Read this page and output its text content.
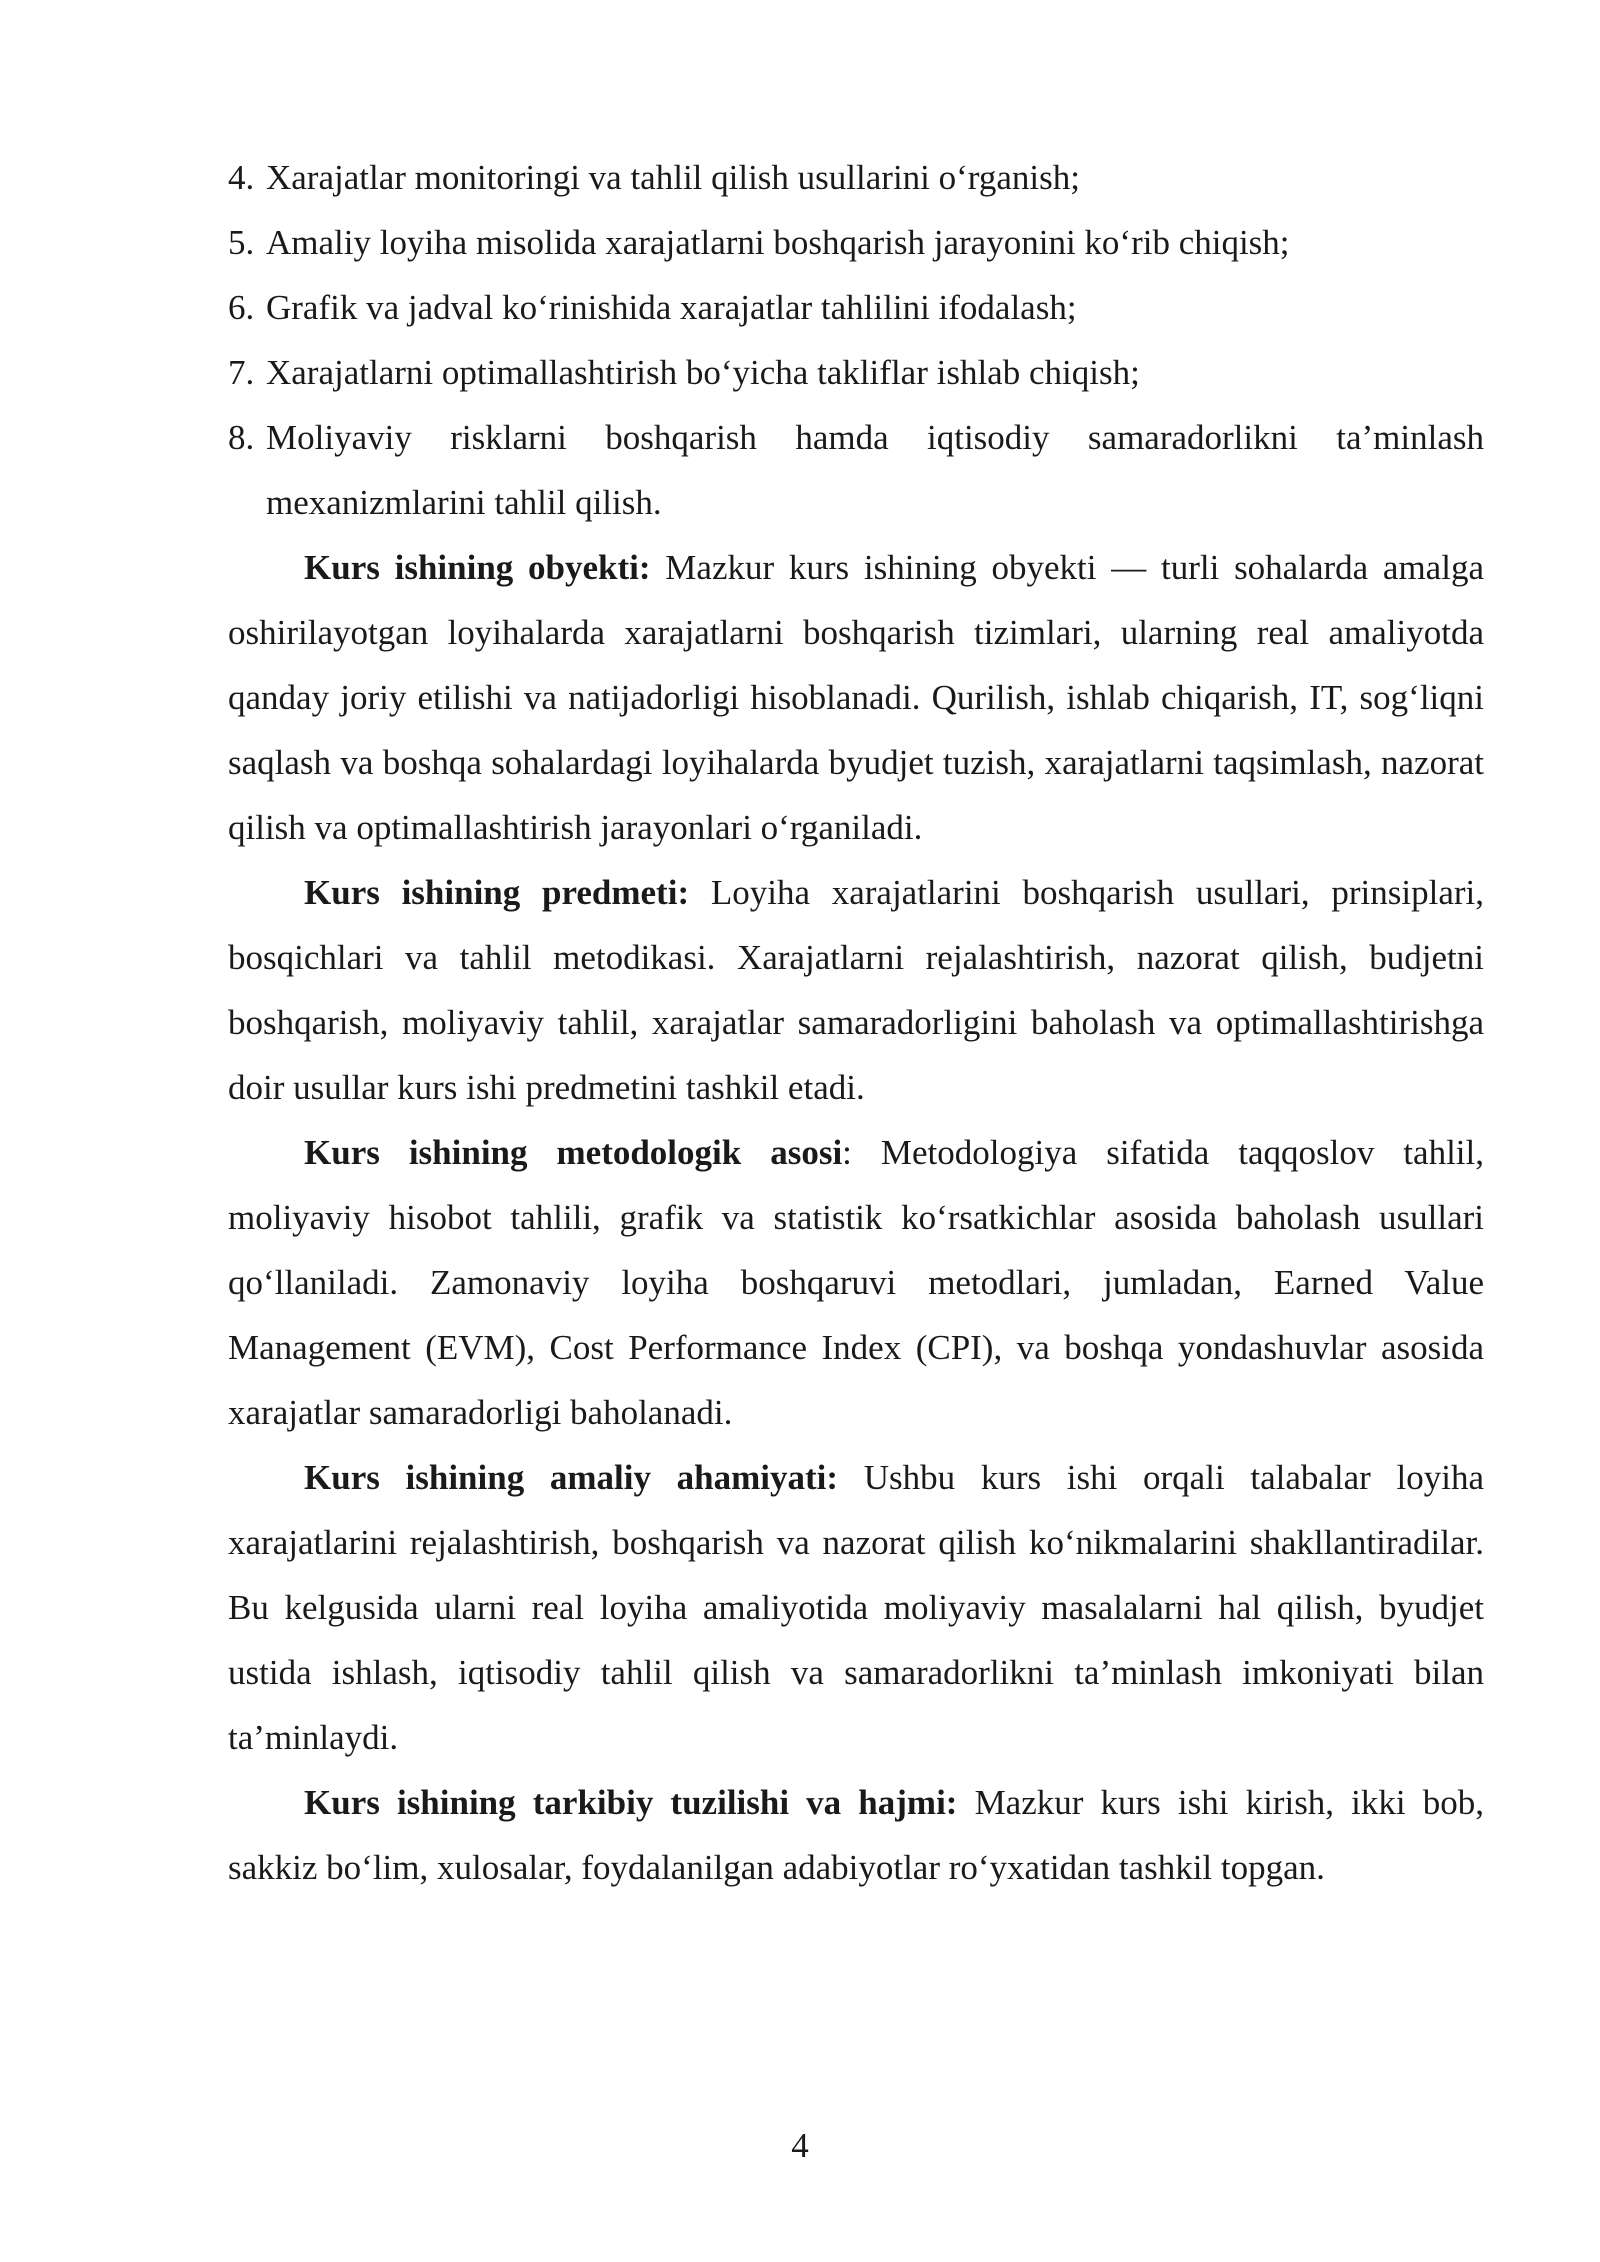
4. Xarajatlar monitoringi va tahlil qilish usullarini o‘rganish;
5. Amaliy loyiha misolida xarajatlarni boshqarish jarayonini ko‘rib chiqish;
6. Grafik va jadval ko‘rinishida xarajatlar tahlilini ifodalash;
7. Xarajatlarni optimallashtirish bo‘yicha takliflar ishlab chiqish;
8. Moliyaviy risklarni boshqarish hamda iqtisodiy samaradorlikni ta’minlash mexanizmlarini tahlil qilish.

Kurs ishining obyekti: Mazkur kurs ishining obyekti — turli sohalarda amalga oshirilayotgan loyihalarda xarajatlarni boshqarish tizimlari, ularning real amaliyotda qanday joriy etilishi va natijadorligi hisoblanadi. Qurilish, ishlab chiqarish, IT, sog‘liqni saqlash va boshqa sohalardagi loyihalarda byudjet tuzish, xarajatlarni taqsimlash, nazorat qilish va optimallashtirish jarayonlari o‘rganiladi.

Kurs ishining predmeti: Loyiha xarajatlarini boshqarish usullari, prinsiplari, bosqichlari va tahlil metodikasi. Xarajatlarni rejalashtirish, nazorat qilish, budjetni boshqarish, moliyaviy tahlil, xarajatlar samaradorligini baholash va optimallashtirishga doir usullar kurs ishi predmetini tashkil etadi.

Kurs ishining metodologik asosi: Metodologiya sifatida taqqoslov tahlil, moliyaviy hisobot tahlili, grafik va statistik ko‘rsatkichlar asosida baholash usullari qo‘llaniladi. Zamonaviy loyiha boshqaruvi metodlari, jumladan, Earned Value Management (EVM), Cost Performance Index (CPI), va boshqa yondashuvlar asosida xarajatlar samaradorligi baholanadi.

Kurs ishining amaliy ahamiyati: Ushbu kurs ishi orqali talabalar loyiha xarajatlarini rejalashtirish, boshqarish va nazorat qilish ko‘nikmalarini shakllantiradilar. Bu kelgusida ularni real loyiha amaliyotida moliyaviy masalalarni hal qilish, byudjet ustida ishlash, iqtisodiy tahlil qilish va samaradorlikni ta’minlash imkoniyati bilan ta’minlaydi.

Kurs ishining tarkibiy tuzilishi va hajmi: Mazkur kurs ishi kirish, ikki bob, sakkiz bo‘lim, xulosalar, foydalanilgan adabiyotlar ro‘yxatidan tashkil topgan.

4
